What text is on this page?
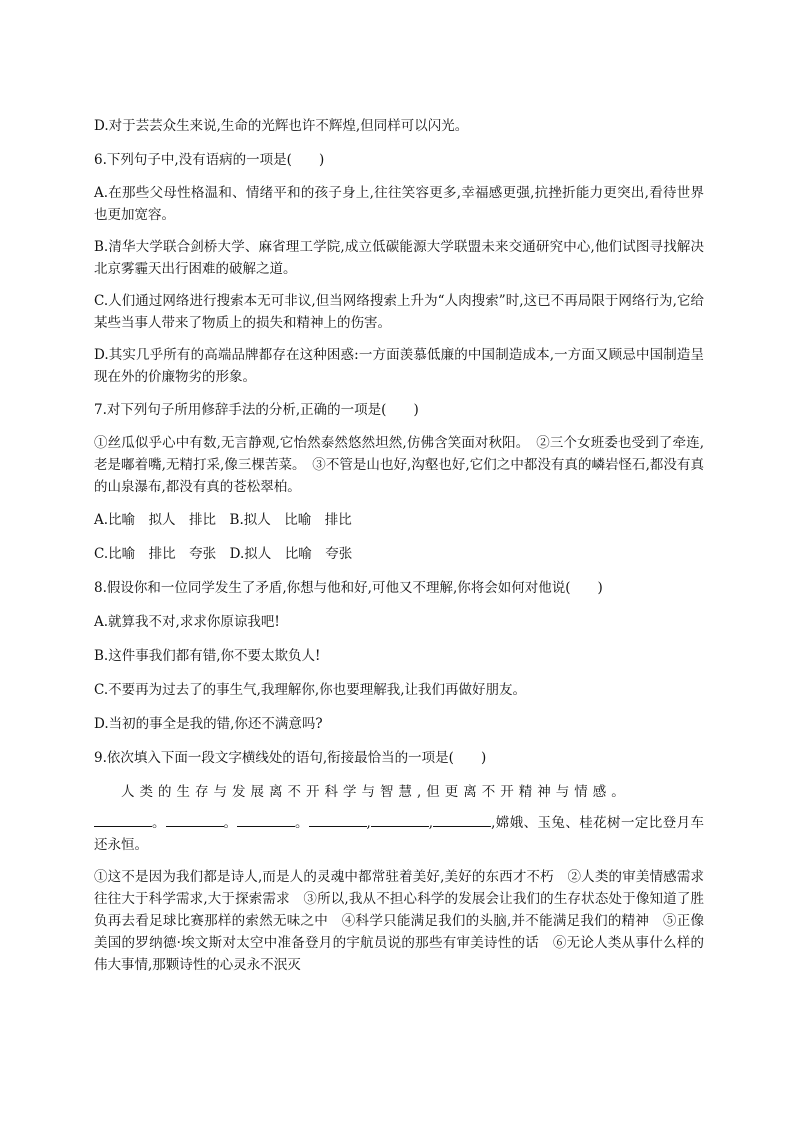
D.对于芸芸众生来说,生命的光辉也许不辉煌,但同样可以闪光。

6.下列句子中,没有语病的一项是(　　)

A.在那些父母性格温和、情绪平和的孩子身上,往往笑容更多,幸福感更强,抗挫折能力更突出,看待世界也更加宽容。

B.清华大学联合剑桥大学、麻省理工学院,成立低碳能源大学联盟未来交通研究中心,他们试图寻找解决北京雾霾天出行困难的破解之道。

C.人们通过网络进行搜索本无可非议,但当网络搜索上升为“人肉搜索”时,这已不再局限于网络行为,它给某些当事人带来了物质上的损失和精神上的伤害。

D.其实几乎所有的高端品牌都存在这种困惑:一方面羡慕低廉的中国制造成本,一方面又顾忌中国制造呈现在外的价廉物劣的形象。

7.对下列句子所用修辞手法的分析,正确的一项是(　　)

①丝瓜似乎心中有数,无言静观,它怡然泰然悠然坦然,仿佛含笑面对秋阳。　②三个女班委也受到了牵连,老是嘟着嘴,无精打采,像三棵苦菜。　③不管是山也好,沟壑也好,它们之中都没有真的嶙岩怪石,都没有真的山泉瀑布,都没有真的苍松翠柏。

A.比喻　拟人　排比　B.拟人　比喻　排比

C.比喻　排比　夸张　D.拟人　比喻　夸张

8.假设你和一位同学发生了矛盾,你想与他和好,可他又不理解,你将会如何对他说(　　)

A.就算我不对,求求你原谅我吧!

B.这件事我们都有错,你不要太欺负人!

C.不要再为过去了的事生气,我理解你,你也要理解我,让我们再做好朋友。

D.当初的事全是我的错,你还不满意吗?

9.依次填入下面一段文字横线处的语句,衔接最恰当的一项是(　　)

人类的生存与发展离不开科学与智慧,但更离不开精神与情感。

。	。	。	,	,	,嫦娥、玉兔、桂花树一定比登月车还永恒。

①这不是因为我们都是诗人,而是人的灵魂中都常驻着美好,美好的东西才不朽　②人类的审美情感需求往往大于科学需求,大于探索需求　③所以,我从不担心科学的发展会让我们的生存状态处于像知道了胜负再去看足球比赛那样的索然无味之中　④科学只能满足我们的头脑,并不能满足我们的精神　⑤正像美国的罗纳德·埃文斯对太空中准备登月的宇航员说的那些有审美诗性的话　⑥无论人类从事什么样的伟大事情,那颗诗性的心灵永不泯灭
